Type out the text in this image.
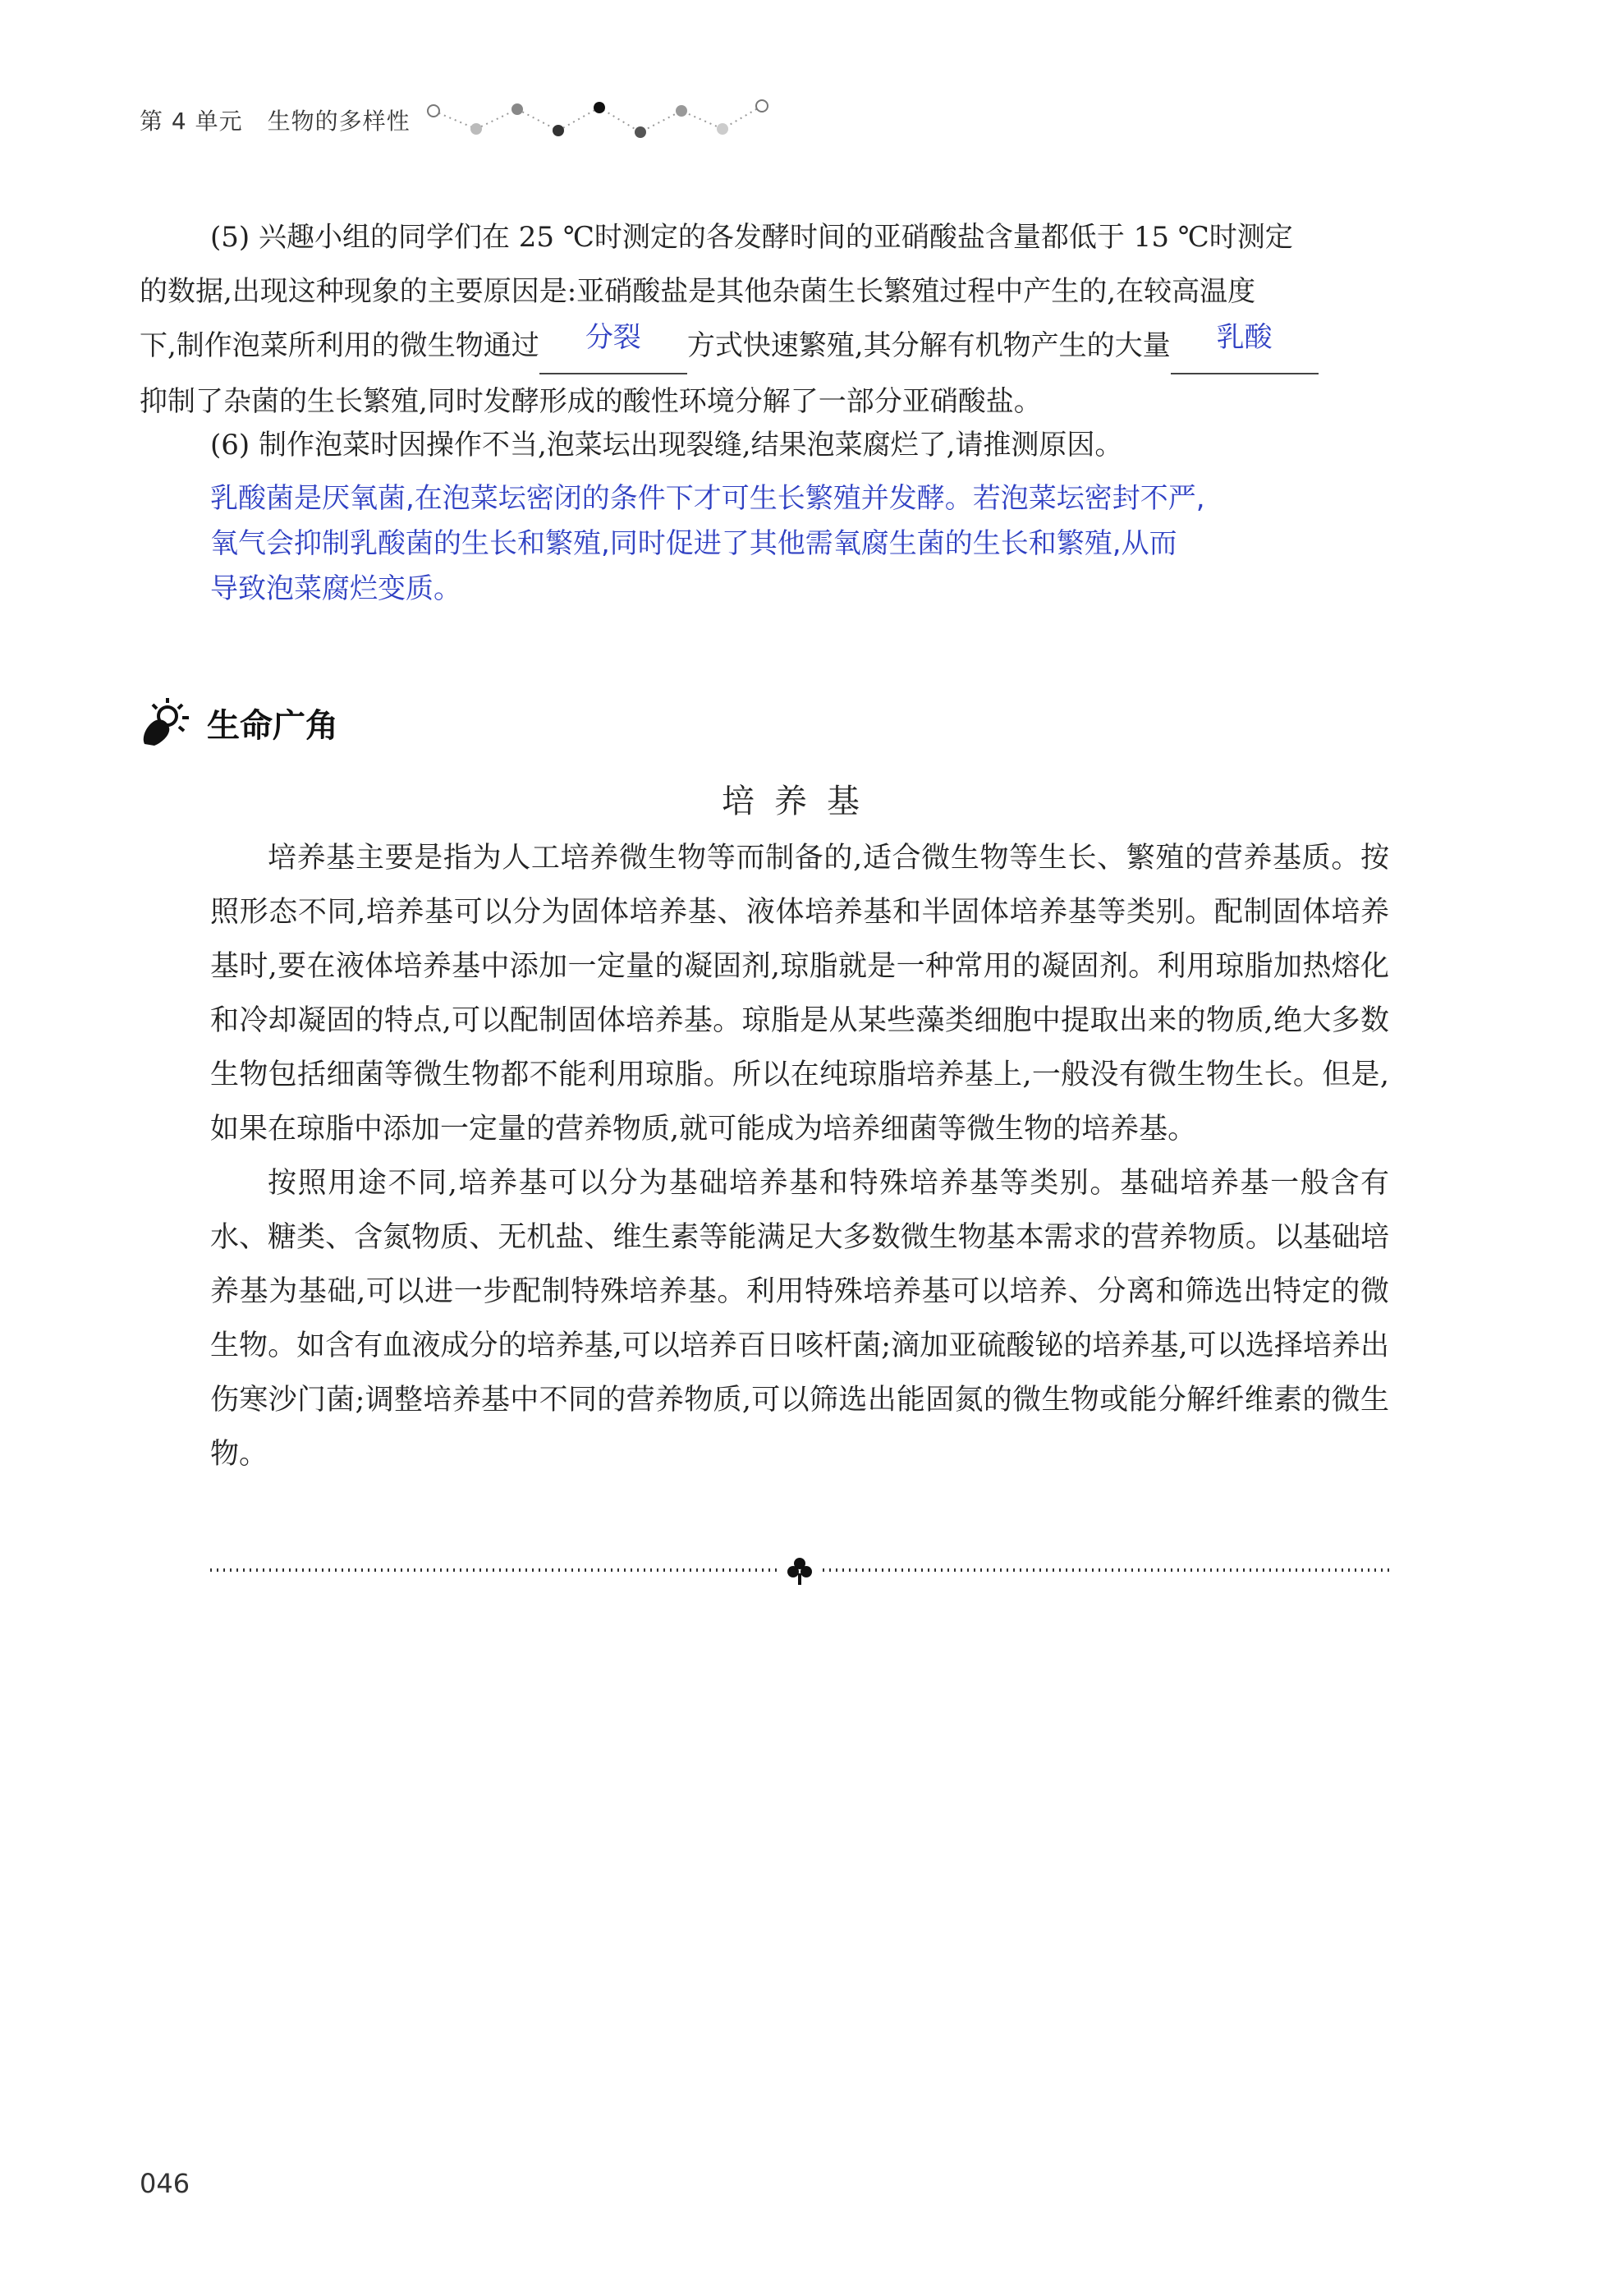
第 4 单元 生物的多样性
(5) 兴趣小组的同学们在 25 ℃时测定的各发酵时间的亚硝酸盐含量都低于 15 ℃时测定
的数据,出现这种现象的主要原因是:亚硝酸盐是其他杂菌生长繁殖过程中产生的,在较高温度
下,制作泡菜所利用的微生物通过	分裂	方式快速繁殖,其分解有机物产生的大量	乳酸
抑制了杂菌的生长繁殖,同时发酵形成的酸性环境分解了一部分亚硝酸盐。
(6) 制作泡菜时因操作不当,泡菜坛出现裂缝,结果泡菜腐烂了,请推测原因。
乳酸菌是厌氧菌,在泡菜坛密闭的条件下才可生长繁殖并发酵。若泡菜坛密封不严,
氧气会抑制乳酸菌的生长和繁殖,同时促进了其他需氧腐生菌的生长和繁殖,从而
导致泡菜腐烂变质。
生命广角
培养基

培养基主要是指为人工培养微生物等而制备的,适合微生物等生长、繁殖的营养基质。按照形态不同,培养基可以分为固体培养基、液体培养基和半固体培养基等类别。配制固体培养基时,要在液体培养基中添加一定量的凝固剂,琼脂就是一种常用的凝固剂。利用琼脂加热熔化和冷却凝固的特点,可以配制固体培养基。琼脂是从某些藻类细胞中提取出来的物质,绝大多数生物包括细菌等微生物都不能利用琼脂。所以在纯琼脂培养基上,一般没有微生物生长。但是,如果在琼脂中添加一定量的营养物质,就可能成为培养细菌等微生物的培养基。

按照用途不同,培养基可以分为基础培养基和特殊培养基等类别。基础培养基一般含有水、糖类、含氮物质、无机盐、维生素等能满足大多数微生物基本需求的营养物质。以基础培养基为基础,可以进一步配制特殊培养基。利用特殊培养基可以培养、分离和筛选出特定的微生物。如含有血液成分的培养基,可以培养百日咳杆菌;滴加亚硫酸铋的培养基,可以选择培养出伤寒沙门菌;调整培养基中不同的营养物质,可以筛选出能固氮的微生物或能分解纤维素的微生物。

046
